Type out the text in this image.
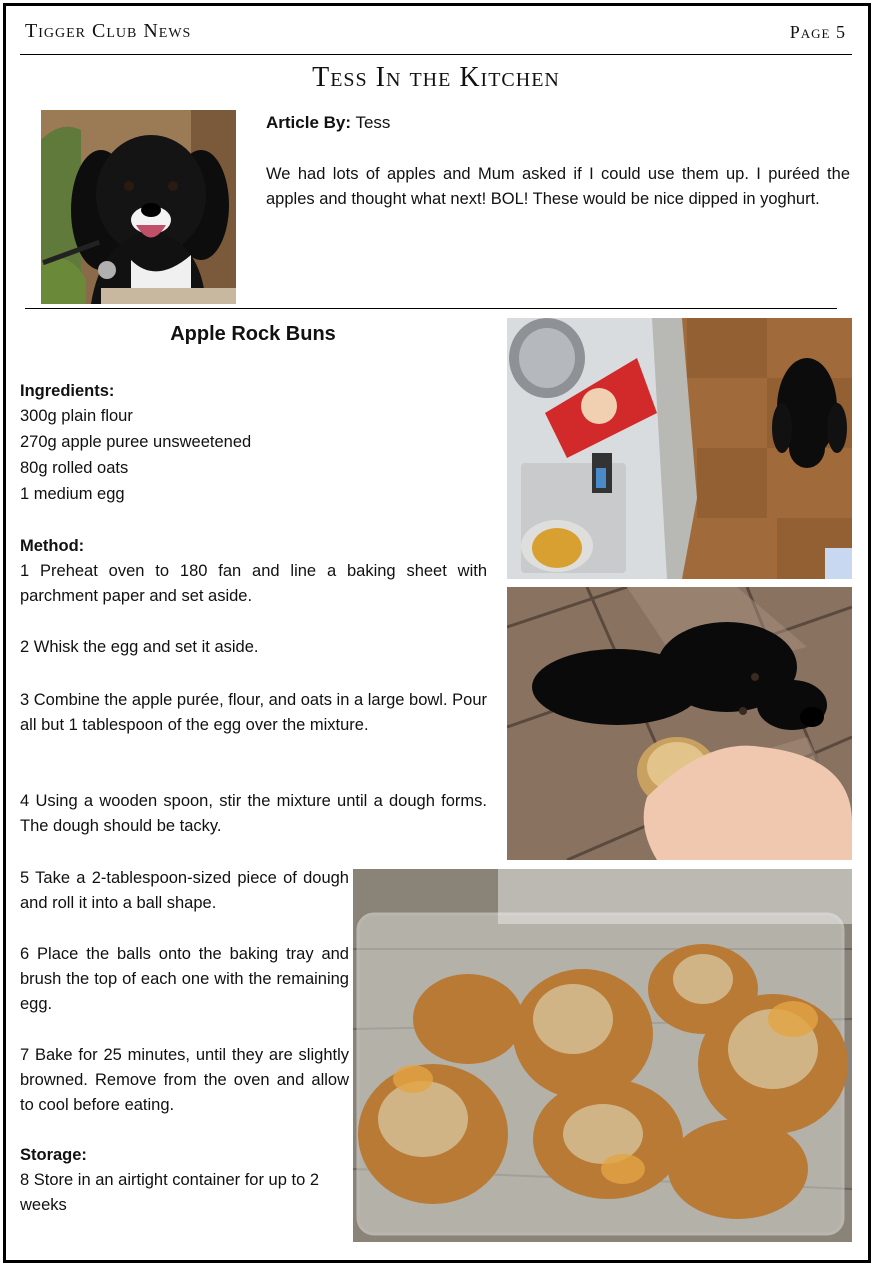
Tigger Club News	Page 5
Tess In the Kitchen
Article By: Tess
We had lots of apples and Mum asked if I could use them up. I puréed the apples and thought what next! BOL! These would be nice dipped in yoghurt.
Apple Rock Buns
Ingredients:
300g plain flour
270g apple puree unsweetened
80g rolled oats
1 medium egg
Method:
1 Preheat oven to 180 fan and line a baking sheet with parchment paper and set aside.
2 Whisk the egg and set it aside.
3 Combine the apple purée, flour, and oats in a large bowl. Pour all but 1 tablespoon of the egg over the mixture.
4 Using a wooden spoon, stir the mixture until a dough forms. The dough should be tacky.
5 Take a 2-tablespoon-sized piece of dough and roll it into a ball shape.
6 Place the balls onto the baking tray and brush the top of each one with the remaining egg.
7 Bake for 25 minutes, until they are slightly browned. Remove from the oven and allow to cool before eating.
Storage:
8 Store in an airtight container for up to 2 weeks
